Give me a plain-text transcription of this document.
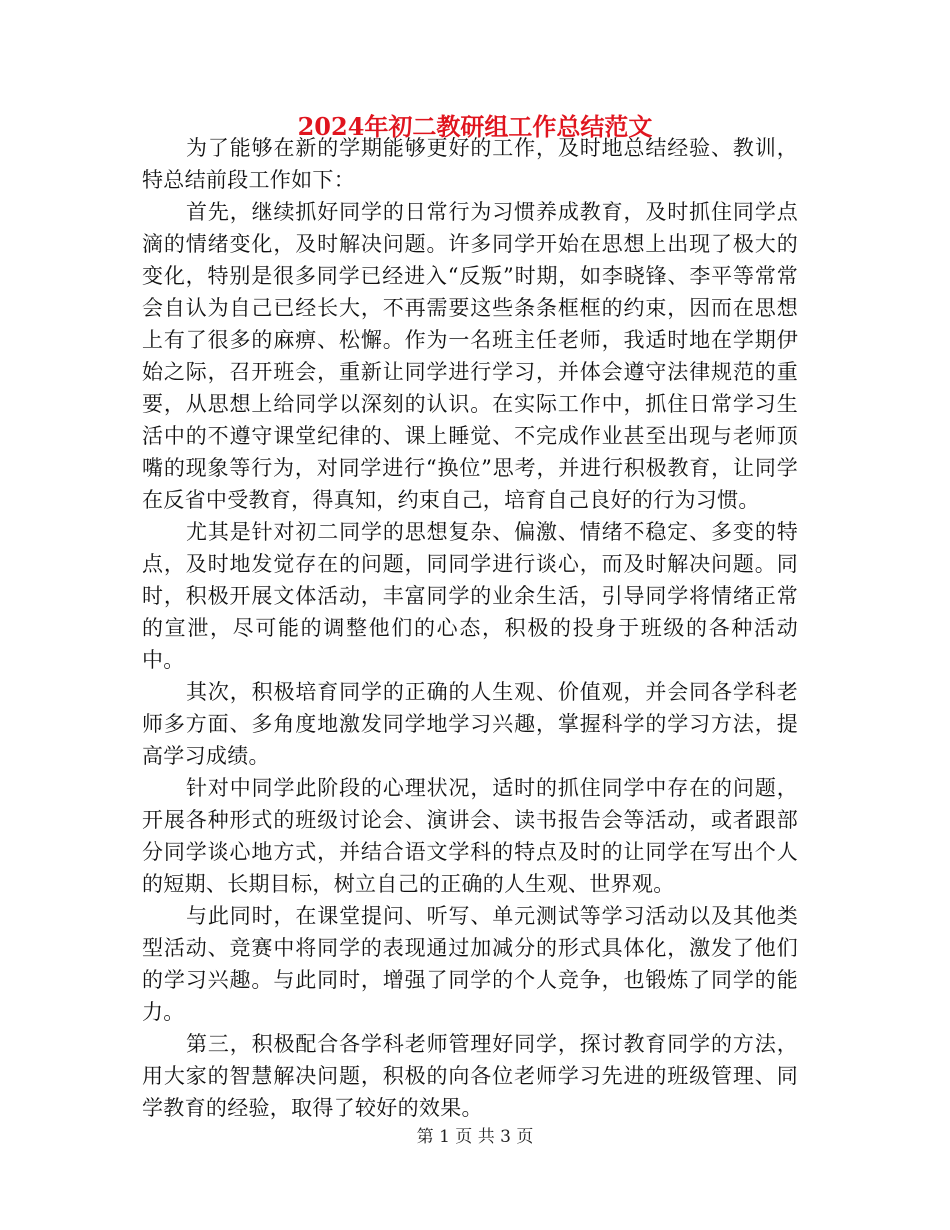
2024年初二教研组工作总结范文

为了能够在新的学期能够更好的工作，及时地总结经验、教训，特总结前段工作如下：

首先，继续抓好同学的日常行为习惯养成教育，及时抓住同学点滴的情绪变化，及时解决问题。许多同学开始在思想上出现了极大的变化，特别是很多同学已经进入“反叛”时期，如李晓锋、李平等常常会自认为自己已经长大，不再需要这些条条框框的约束，因而在思想上有了很多的麻痹、松懈。作为一名班主任老师，我适时地在学期伊始之际，召开班会，重新让同学进行学习，并体会遵守法律规范的重要，从思想上给同学以深刻的认识。在实际工作中，抓住日常学习生活中的不遵守课堂纪律的、课上睡觉、不完成作业甚至出现与老师顶嘴的现象等行为，对同学进行“换位”思考，并进行积极教育，让同学在反省中受教育，得真知，约束自己，培育自己良好的行为习惯。

尤其是针对初二同学的思想复杂、偏激、情绪不稳定、多变的特点，及时地发觉存在的问题，同同学进行谈心，而及时解决问题。同时，积极开展文体活动，丰富同学的业余生活，引导同学将情绪正常的宣泄，尽可能的调整他们的心态，积极的投身于班级的各种活动中。

其次，积极培育同学的正确的人生观、价值观，并会同各学科老师多方面、多角度地激发同学地学习兴趣，掌握科学的学习方法，提高学习成绩。

针对中同学此阶段的心理状况，适时的抓住同学中存在的问题，开展各种形式的班级讨论会、演讲会、读书报告会等活动，或者跟部分同学谈心地方式，并结合语文学科的特点及时的让同学在写出个人的短期、长期目标，树立自己的正确的人生观、世界观。

与此同时，在课堂提问、听写、单元测试等学习活动以及其他类型活动、竞赛中将同学的表现通过加减分的形式具体化，激发了他们的学习兴趣。与此同时，增强了同学的个人竞争，也锻炼了同学的能力。

第三，积极配合各学科老师管理好同学，探讨教育同学的方法，用大家的智慧解决问题，积极的向各位老师学习先进的班级管理、同学教育的经验，取得了较好的效果。

第 1 页 共 3 页
